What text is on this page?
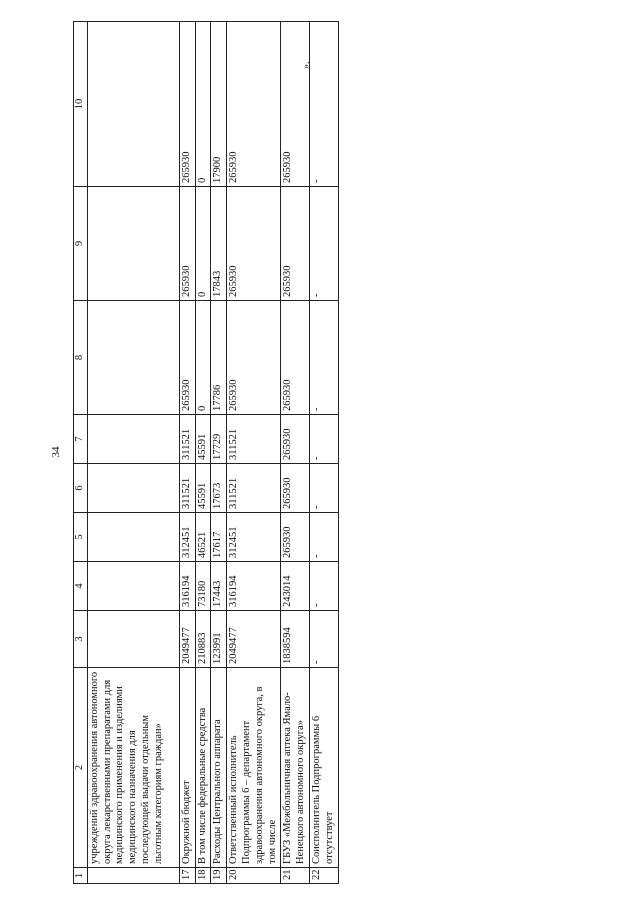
34
1	2	3	4	5	6	7	8	9	10
	учреждений здравоохранения автономного округа лекарственными препаратами для медицинского применения и изделиями медицинского назначения для последующей выдачи отдельным льготным категориям граждан»								
17	Окружной бюджет	2049477	316194	312451	311521	311521	265930	265930	265930
18	В том числе федеральные средства	210883	73180	46521	45591	45591	0	0	0
19	Расходы Центрального аппарата	123991	17443	17617	17673	17729	17786	17843	17900
20	Ответственный исполнитель Подпрограммы 6 – департамент здравоохранения автономного округа, в том числе	2049477	316194	312451	311521	311521	265930	265930	265930
21	ГБУЗ «Межбольничная аптека Ямало-Ненецкого автономного округа»	1838594	243014	265930	265930	265930	265930	265930	265930
22	Соисполнитель Подпрограммы 6 отсутствует	-	-	-	-	-	-	-	-
».
